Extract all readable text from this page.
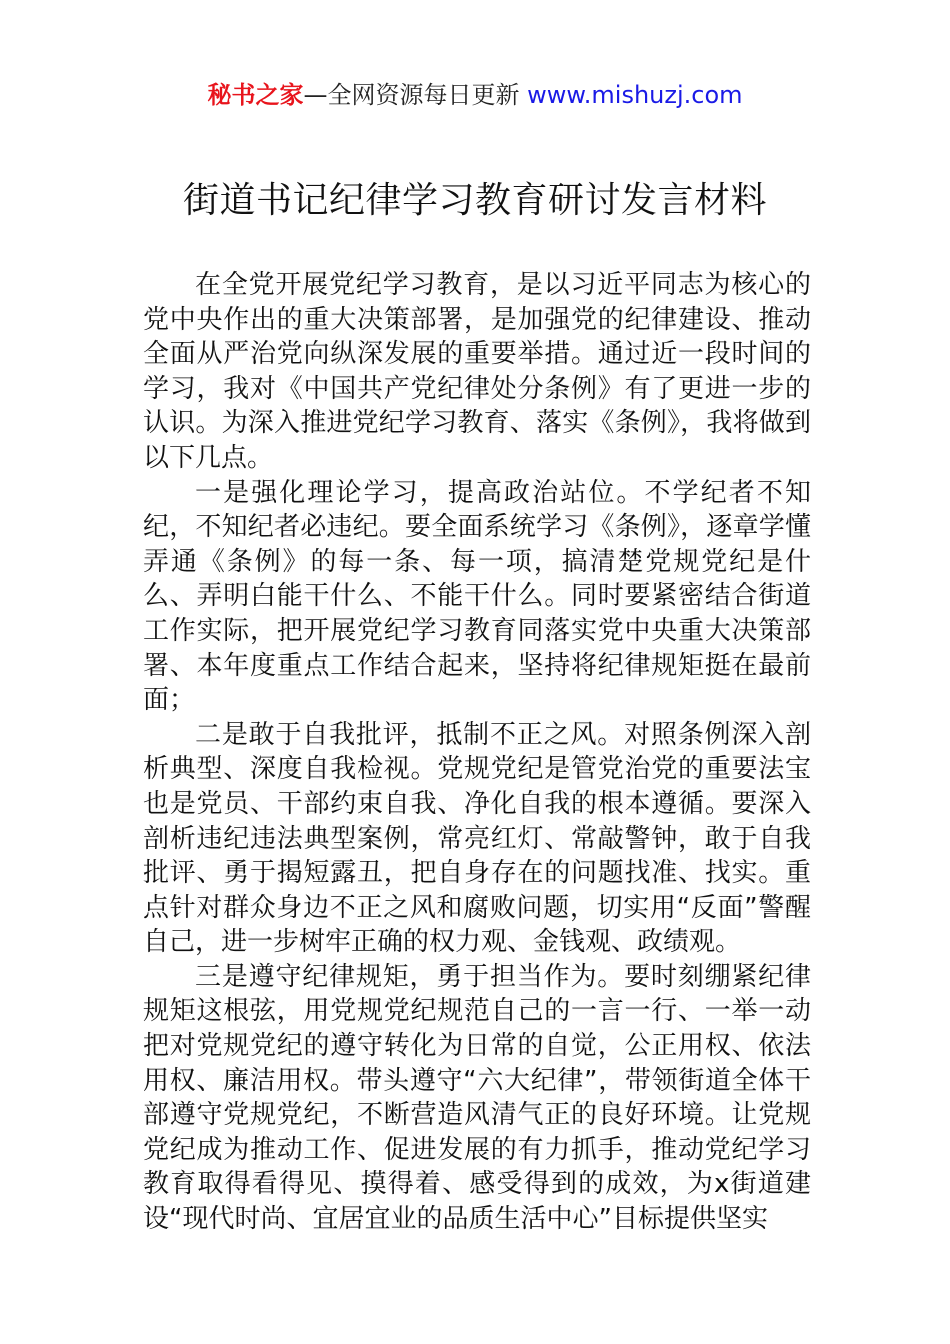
秘书之家—全网资源每日更新 www.mishuzj.com
街道书记纪律学习教育研讨发言材料

在全党开展党纪学习教育，是以习近平同志为核心的党中央作出的重大决策部署，是加强党的纪律建设、推动全面从严治党向纵深发展的重要举措。通过近一段时间的学习，我对《中国共产党纪律处分条例》有了更进一步的认识。为深入推进党纪学习教育、落实《条例》，我将做到以下几点。

一是强化理论学习，提高政治站位。不学纪者不知纪，不知纪者必违纪。要全面系统学习《条例》，逐章学懂弄通《条例》的每一条、每一项，搞清楚党规党纪是什么、弄明白能干什么、不能干什么。同时要紧密结合街道工作实际，把开展党纪学习教育同落实党中央重大决策部署、本年度重点工作结合起来，坚持将纪律规矩挺在最前面；

二是敢于自我批评，抵制不正之风。对照条例深入剖析典型、深度自我检视。党规党纪是管党治党的重要法宝也是党员、干部约束自我、净化自我的根本遵循。要深入剖析违纪违法典型案例，常亮红灯、常敲警钟，敢于自我批评、勇于揭短露丑，把自身存在的问题找准、找实。重点针对群众身边不正之风和腐败问题，切实用“反面”警醒自己，进一步树牢正确的权力观、金钱观、政绩观。

三是遵守纪律规矩，勇于担当作为。要时刻绷紧纪律规矩这根弦，用党规党纪规范自己的一言一行、一举一动把对党规党纪的遵守转化为日常的自觉，公正用权、依法用权、廉洁用权。带头遵守“六大纪律”，带领街道全体干部遵守党规党纪，不断营造风清气正的良好环境。让党规党纪成为推动工作、促进发展的有力抓手，推动党纪学习教育取得看得见、摸得着、感受得到的成效，为x街道建设“现代时尚、宜居宜业的品质生活中心”目标提供坚实
